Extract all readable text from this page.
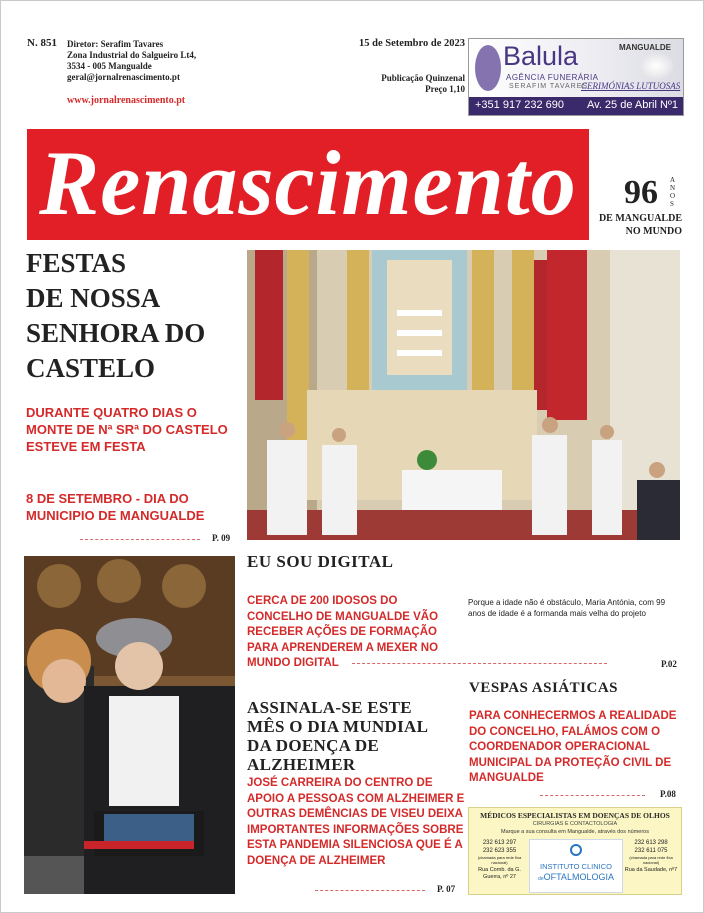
N. 851 Diretor: Serafim Tavares
Zona Industrial do Salgueiro Lt4,
3534 - 005 Mangualde
geral@jornalrenascimento.pt
www.jornalrenascimento.pt
15 de Setembro de 2023
Publicação Quinzenal
Preço 1,10
Balula
AGÊNCIA FUNERÁRIA
SERAFIM TAVARES
MANGUALDE
CERIMÓNIAS LUTUOSAS
+351 917 232 690 Av. 25 de Abril Nº1
Renascimento 96 ANOS
DE MANGUALDE
NO MUNDO
FESTAS
DE NOSSA
SENHORA DO
CASTELO
DURANTE QUATRO DIAS O MONTE DE Nª SRª DO CASTELO ESTEVE EM FESTA
8 DE SETEMBRO - DIA DO MUNICIPIO DE MANGUALDE
P. 09
EU SOU DIGITAL
CERCA DE 200 IDOSOS DO CONCELHO DE MANGUALDE VÃO RECEBER AÇÕES DE FORMAÇÃO PARA APRENDEREM A MEXER NO MUNDO DIGITAL
Porque a idade não é obstáculo, Maria Antónia, com 99 anos de idade é a formanda mais velha do projeto
P.02
ASSINALA-SE ESTE MÊS O DIA MUNDIAL DA DOENÇA DE ALZHEIMER
JOSÉ CARREIRA DO CENTRO DE APOIO A PESSOAS COM ALZHEIMER E OUTRAS DEMÊNCIAS DE VISEU DEIXA IMPORTANTES INFORMAÇÕES SOBRE ESTA PANDEMIA SILENCIOSA QUE É A DOENÇA DE ALZHEIMER
P. 07
VESPAS ASIÁTICAS
PARA CONHECERMOS A REALIDADE DO CONCELHO, FALÁMOS COM O COORDENADOR OPERACIONAL MUNICIPAL DA PROTEÇÃO CIVIL DE MANGUALDE
P.08
MÉDICOS ESPECIALISTAS EM DOENÇAS DE OLHOS
CIRURGIAS E CONTACTOLOGIA
Marque a sua consulta em Mangualde, através dos números
232 613 297
232 623 355
(chamada para rede fixa nacional)
Rua Comb. da G. Guerra, nº 27
INSTITUTO CLINICO
deOFTALMOLOGIA
232 613 298
232 611 075
(chamada para rede fixa nacional)
Rua da Saudade, nº7
